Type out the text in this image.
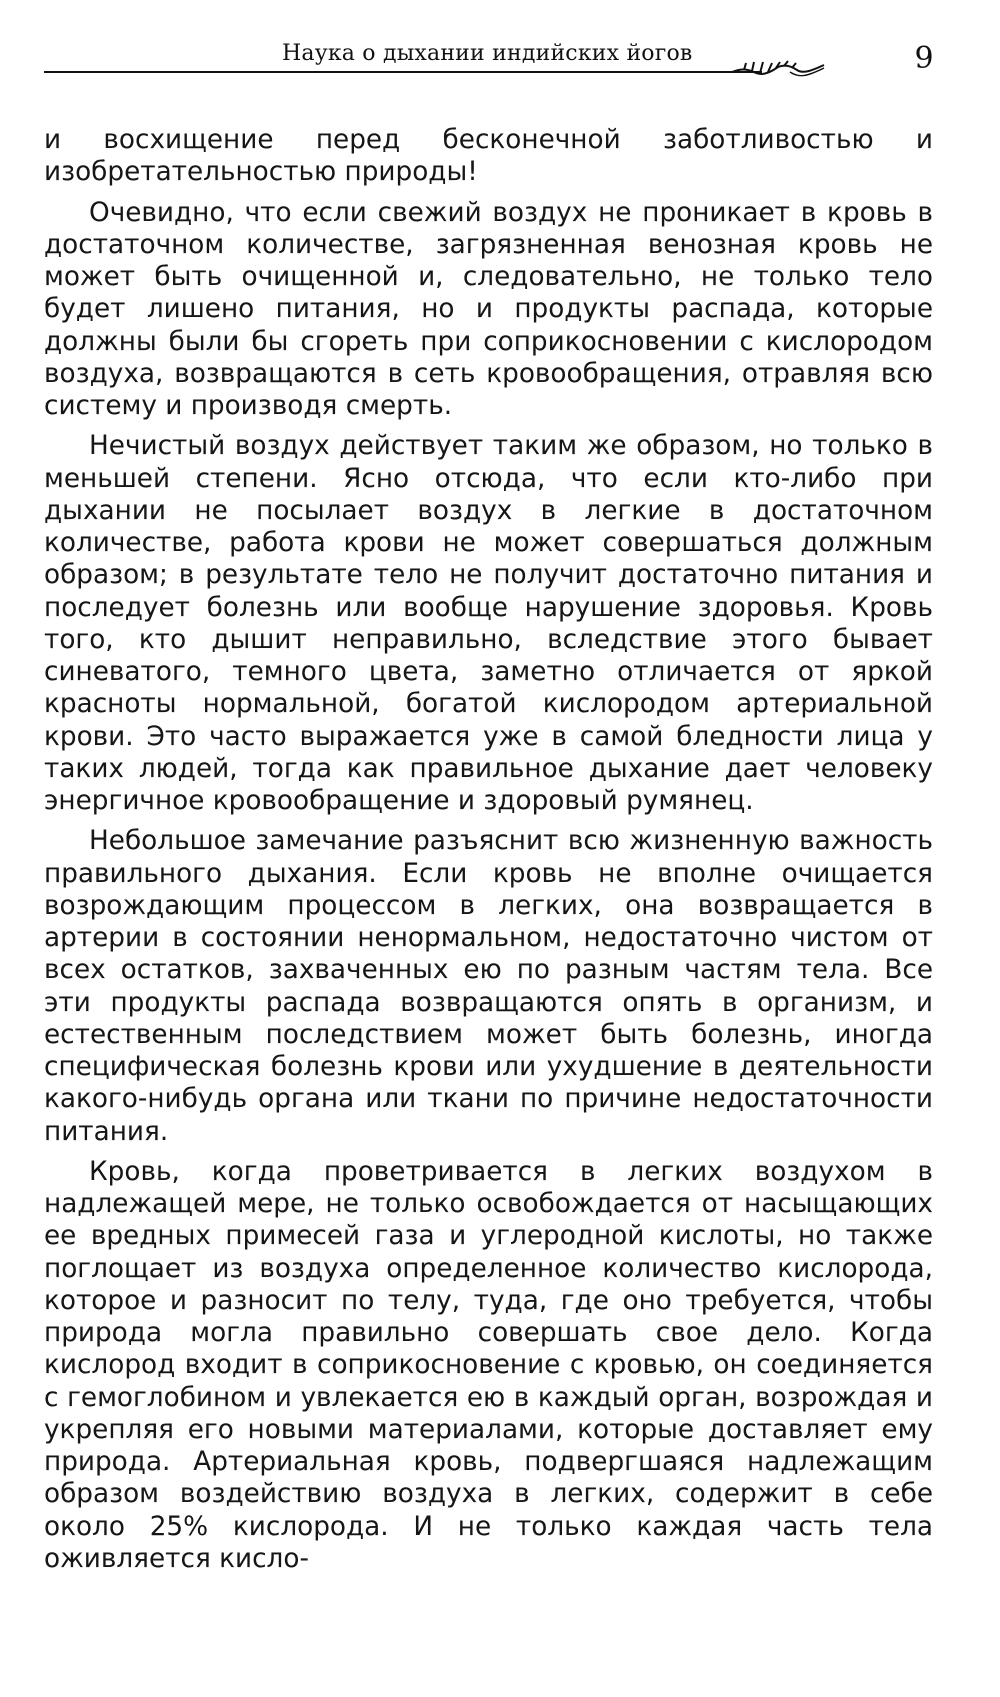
Наука о дыхании индийских йогов	9

и восхищение перед бесконечной заботливостью и изобретательностью природы!

Очевидно, что если свежий воздух не проникает в кровь в достаточном количестве, загрязненная венозная кровь не может быть очищенной и, следовательно, не только тело будет лишено питания, но и продукты распада, которые должны были бы сгореть при соприкосновении с кислородом воздуха, возвращаются в сеть кровообращения, отравляя всю систему и производя смерть.

Нечистый воздух действует таким же образом, но только в меньшей степени. Ясно отсюда, что если кто-либо при дыхании не посылает воздух в легкие в достаточном количестве, работа крови не может совершаться должным образом; в результате тело не получит достаточно питания и последует болезнь или вообще нарушение здоровья. Кровь того, кто дышит неправильно, вследствие этого бывает синеватого, темного цвета, заметно отличается от яркой красноты нормальной, богатой кислородом артериальной крови. Это часто выражается уже в самой бледности лица у таких людей, тогда как правильное дыхание дает человеку энергичное кровообращение и здоровый румянец.

Небольшое замечание разъяснит всю жизненную важность правильного дыхания. Если кровь не вполне очищается возрождающим процессом в легких, она возвращается в артерии в состоянии ненормальном, недостаточно чистом от всех остатков, захваченных ею по разным частям тела. Все эти продукты распада возвращаются опять в организм, и естественным последствием может быть болезнь, иногда специфическая болезнь крови или ухудшение в деятельности какого-нибудь органа или ткани по причине недостаточности питания.

Кровь, когда проветривается в легких воздухом в надлежащей мере, не только освобождается от насыщающих ее вредных примесей газа и углеродной кислоты, но также поглощает из воздуха определенное количество кислорода, которое и разносит по телу, туда, где оно требуется, чтобы природа могла правильно совершать свое дело. Когда кислород входит в соприкосновение с кровью, он соединяется с гемоглобином и увлекается ею в каждый орган, возрождая и укрепляя его новыми материалами, которые доставляет ему природа. Артериальная кровь, подвергшаяся надлежащим образом воздействию воздуха в легких, содержит в себе около 25% кислорода. И не только каждая часть тела оживляется кисло-
